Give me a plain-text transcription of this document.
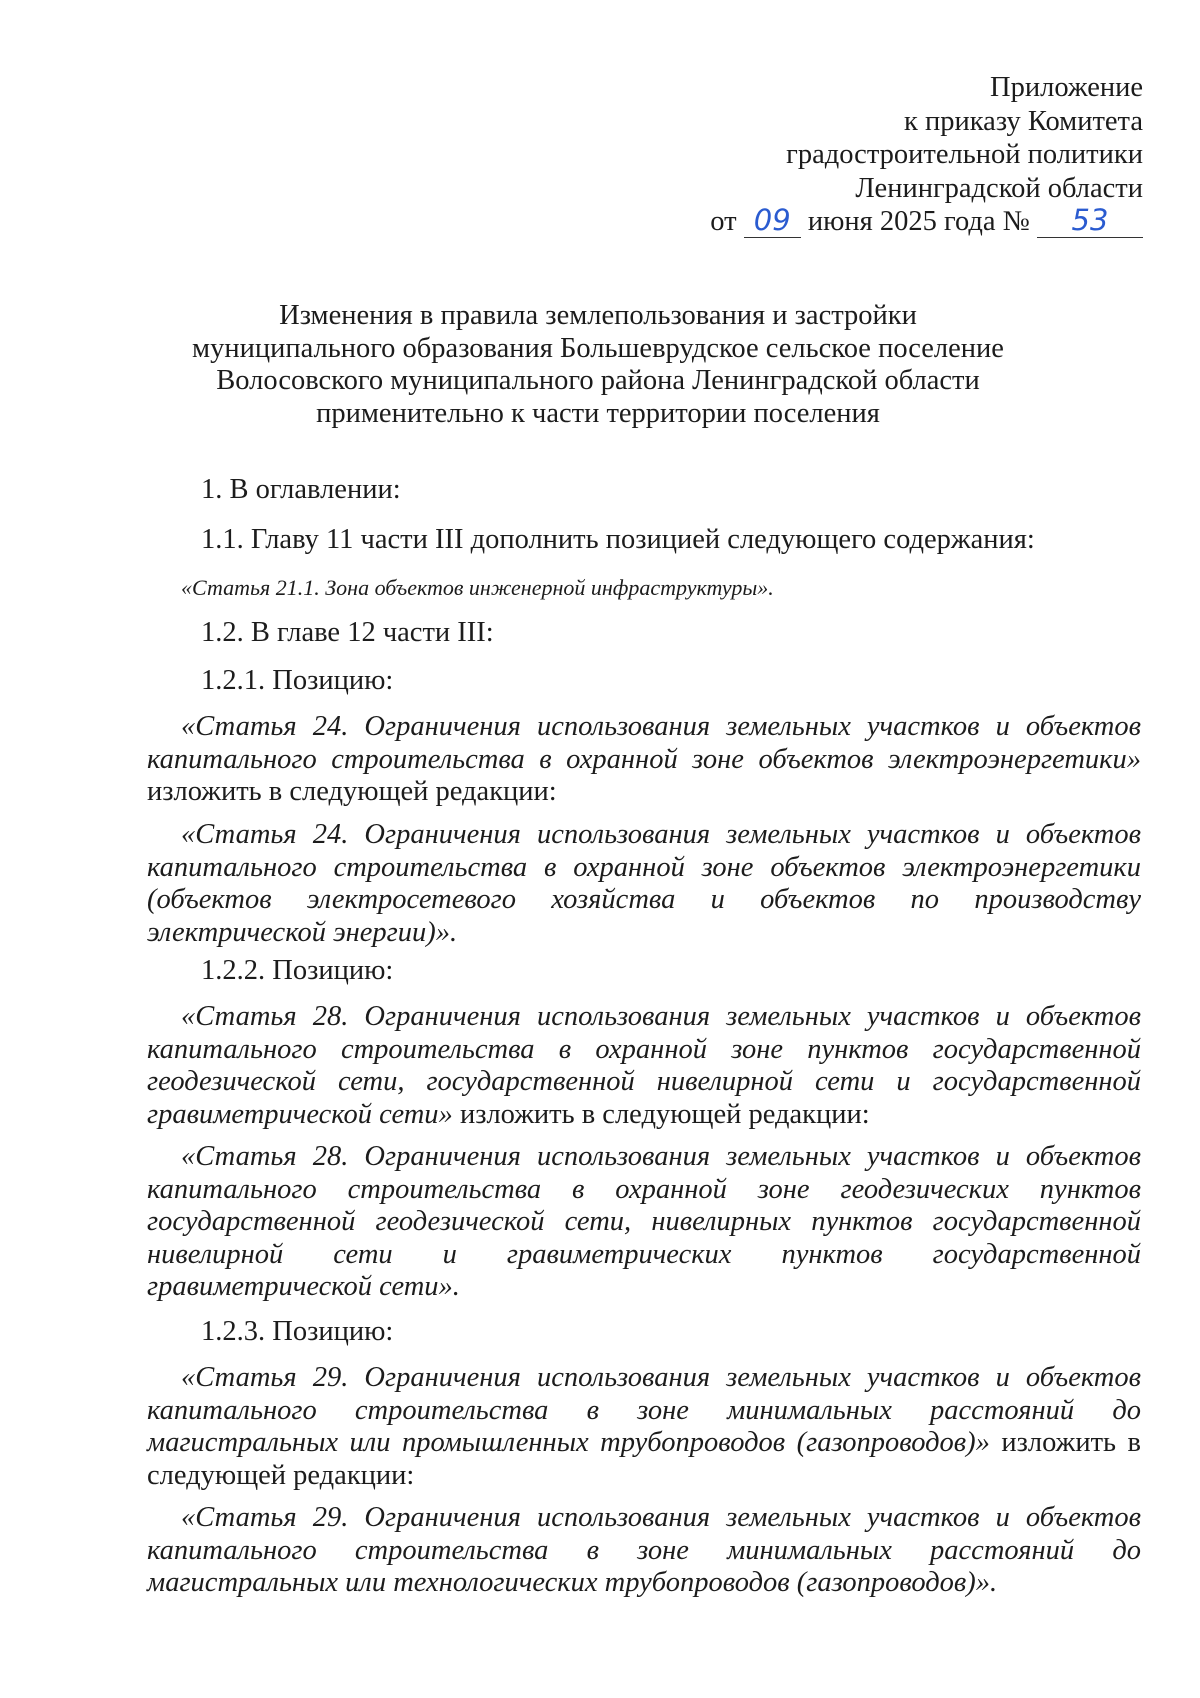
Приложение
к приказу Комитета
градостроительной политики
Ленинградской области
от 09 июня 2025 года № 53
Изменения в правила землепользования и застройки
муниципального образования Большеврудское сельское поселение
Волосовского муниципального района Ленинградской области
применительно к части территории поселения
1. В оглавлении:
1.1. Главу 11 части III дополнить позицией следующего содержания:
«Статья 21.1. Зона объектов инженерной инфраструктуры».
1.2. В главе 12 части III:
1.2.1. Позицию:
«Статья 24. Ограничения использования земельных участков и объектов капитального строительства в охранной зоне объектов электроэнергетики» изложить в следующей редакции:
«Статья 24. Ограничения использования земельных участков и объектов капитального строительства в охранной зоне объектов электроэнергетики (объектов электросетевого хозяйства и объектов по производству электрической энергии)».
1.2.2. Позицию:
«Статья 28. Ограничения использования земельных участков и объектов капитального строительства в охранной зоне пунктов государственной геодезической сети, государственной нивелирной сети и государственной гравиметрической сети» изложить в следующей редакции:
«Статья 28. Ограничения использования земельных участков и объектов капитального строительства в охранной зоне геодезических пунктов государственной геодезической сети, нивелирных пунктов государственной нивелирной сети и гравиметрических пунктов государственной гравиметрической сети».
1.2.3. Позицию:
«Статья 29. Ограничения использования земельных участков и объектов капитального строительства в зоне минимальных расстояний до магистральных или промышленных трубопроводов (газопроводов)» изложить в следующей редакции:
«Статья 29. Ограничения использования земельных участков и объектов капитального строительства в зоне минимальных расстояний до магистральных или технологических трубопроводов (газопроводов)».
